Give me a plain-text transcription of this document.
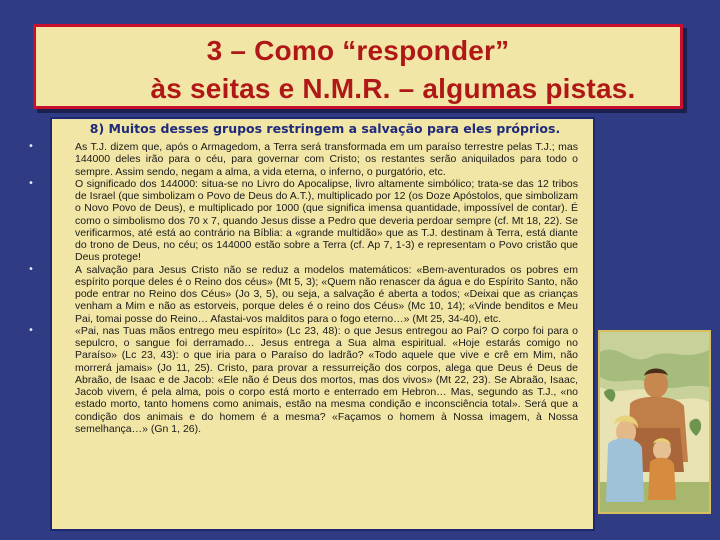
3 – Como “responder”
às seitas e N.M.R. – algumas pistas.
8) Muitos desses grupos restringem a salvação para eles próprios.
•	As T.J. dizem que, após o Armagedom, a Terra será transformada em um paraíso terrestre pelas T.J.; mas 144000 deles irão para o céu, para governar com Cristo; os restantes serão aniquilados para todo o sempre. Assim sendo, negam a alma, a vida eterna, o inferno, o purgatório, etc.
•	O significado dos 144000: situa-se no Livro do Apocalipse, livro altamente simbólico; trata-se das 12 tribos de Israel (que simbolizam o Povo de Deus do A.T.), multiplicado por 12 (os Doze Apóstolos, que simbolizam o Novo Povo de Deus), e multiplicado por 1000 (que significa imensa quantidade, impossível de contar). É como o simbolismo dos 70 x 7, quando Jesus disse a Pedro que deveria perdoar sempre (cf. Mt 18, 22). Se verificarmos, até está ao contrário na Bíblia: a «grande multidão» que as T.J. destinam à Terra, está diante do trono de Deus, no céu; os 144000 estão sobre a Terra (cf. Ap 7, 1-3) e representam o Povo cristão que Deus protege!
•	A salvação para Jesus Cristo não se reduz a modelos matemáticos: «Bem-aventurados os pobres em espírito porque deles é o Reino dos céus» (Mt 5, 3); «Quem não renascer da água e do Espírito Santo, não pode entrar no Reino dos Céus» (Jo 3, 5), ou seja, a salvação é aberta a todos; «Deixai que as crianças venham a Mim e não as estorveis, porque deles é o reino dos Céus» (Mc 10, 14); «Vinde benditos e Meu Pai, tomai posse do Reino… Afastai-vos malditos para o fogo eterno…» (Mt 25, 34-40), etc.
•	«Pai, nas Tuas mãos entrego meu espírito» (Lc 23, 48): o que Jesus entregou ao Pai? O corpo foi para o sepulcro, o sangue foi derramado… Jesus entrega a Sua alma espiritual. «Hoje estarás comigo no Paraíso» (Lc 23, 43): o que iria para o Paraíso do ladrão? «Todo aquele que vive e crê em Mim, não morrerá jamais» (Jo 11, 25). Cristo, para provar a ressurreição dos corpos, alega que Deus é Deus de Abraão, de Isaac e de Jacob: «Ele não é Deus dos mortos, mas dos vivos» (Mt 22, 23). Se Abraão, Isaac, Jacob vivem, é pela alma, pois o corpo está morto e enterrado em Hebron… Mas, segundo as T.J., «no estado morto, tanto homens como animais, estão na mesma condição e inconsciência total». Será que a condição dos animais e do homem é a mesma? «Façamos o homem à Nossa imagem, à Nossa semelhança…» (Gn 1, 26).
